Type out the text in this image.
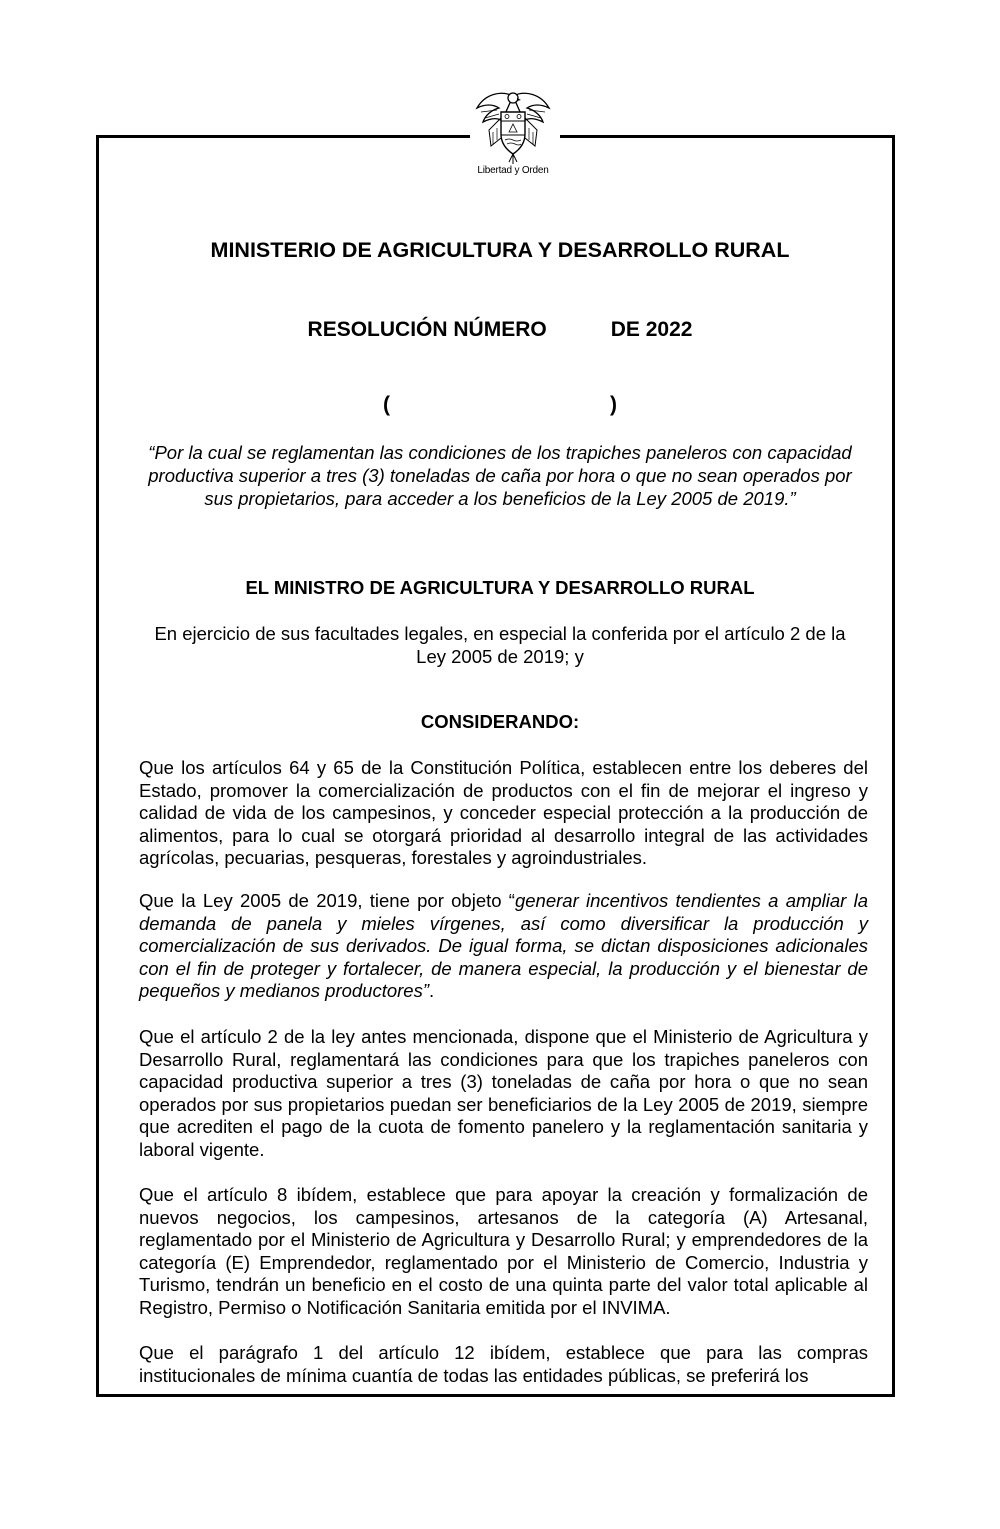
Libertad y Orden
MINISTERIO DE AGRICULTURA Y DESARROLLO RURAL
RESOLUCIÓN NÚMERO	DE 2022
(	)
“Por la cual se reglamentan las condiciones de los trapiches paneleros con capacidad productiva superior a tres (3) toneladas de caña por hora o que no sean operados por sus propietarios, para acceder a los beneficios de la Ley 2005 de 2019.”
EL MINISTRO DE AGRICULTURA Y DESARROLLO RURAL
En ejercicio de sus facultades legales, en especial la conferida por el artículo 2 de la Ley 2005 de 2019; y
CONSIDERANDO:
Que los artículos 64 y 65 de la Constitución Política, establecen entre los deberes del Estado, promover la comercialización de productos con el fin de mejorar el ingreso y calidad de vida de los campesinos, y conceder especial protección a la producción de alimentos, para lo cual se otorgará prioridad al desarrollo integral de las actividades agrícolas, pecuarias, pesqueras, forestales y agroindustriales.
Que la Ley 2005 de 2019, tiene por objeto “generar incentivos tendientes a ampliar la demanda de panela y mieles vírgenes, así como diversificar la producción y comercialización de sus derivados. De igual forma, se dictan disposiciones adicionales con el fin de proteger y fortalecer, de manera especial, la producción y el bienestar de pequeños y medianos productores”.
Que el artículo 2 de la ley antes mencionada, dispone que el Ministerio de Agricultura y Desarrollo Rural, reglamentará las condiciones para que los trapiches paneleros con capacidad productiva superior a tres (3) toneladas de caña por hora o que no sean operados por sus propietarios puedan ser beneficiarios de la Ley 2005 de 2019, siempre que acrediten el pago de la cuota de fomento panelero y la reglamentación sanitaria y laboral vigente.
Que el artículo 8 ibídem, establece que para apoyar la creación y formalización de nuevos negocios, los campesinos, artesanos de la categoría (A) Artesanal, reglamentado por el Ministerio de Agricultura y Desarrollo Rural; y emprendedores de la categoría (E) Emprendedor, reglamentado por el Ministerio de Comercio, Industria y Turismo, tendrán un beneficio en el costo de una quinta parte del valor total aplicable al Registro, Permiso o Notificación Sanitaria emitida por el INVIMA.
Que el parágrafo 1 del artículo 12 ibídem, establece que para las compras institucionales de mínima cuantía de todas las entidades públicas, se preferirá los
